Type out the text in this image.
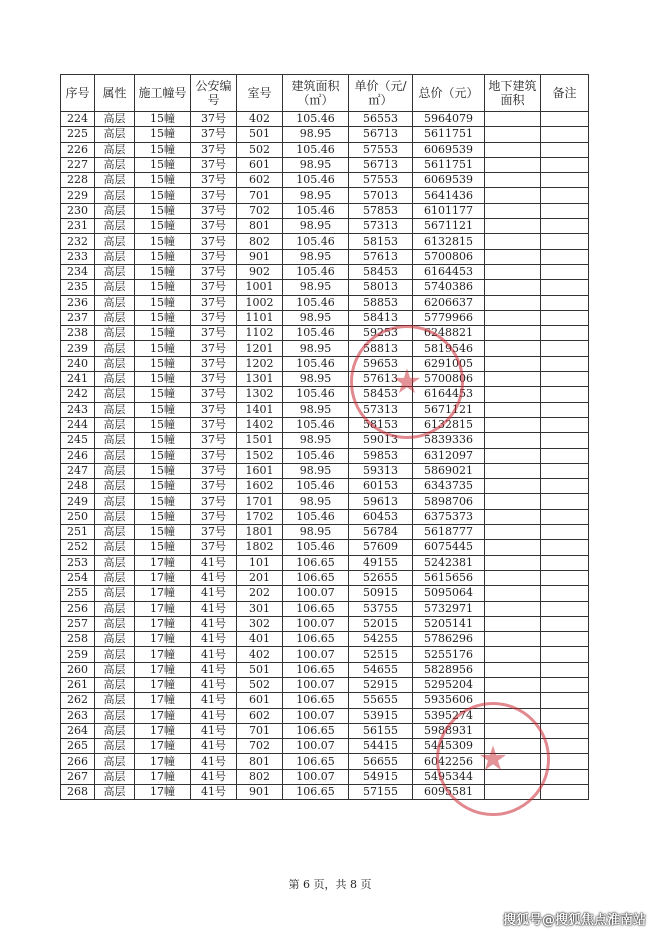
序号	属性	施工幢号	公安编号	室号	建筑面积（㎡）	单价（元/㎡）	总价（元）	地下建筑面积	备注
224	高层	15幢	37号	402	105.46	56553	5964079		
225	高层	15幢	37号	501	98.95	56713	5611751		
226	高层	15幢	37号	502	105.46	57553	6069539		
227	高层	15幢	37号	601	98.95	56713	5611751		
228	高层	15幢	37号	602	105.46	57553	6069539		
229	高层	15幢	37号	701	98.95	57013	5641436		
230	高层	15幢	37号	702	105.46	57853	6101177		
231	高层	15幢	37号	801	98.95	57313	5671121		
232	高层	15幢	37号	802	105.46	58153	6132815		
233	高层	15幢	37号	901	98.95	57613	5700806		
234	高层	15幢	37号	902	105.46	58453	6164453		
235	高层	15幢	37号	1001	98.95	58013	5740386		
236	高层	15幢	37号	1002	105.46	58853	6206637		
237	高层	15幢	37号	1101	98.95	58413	5779966		
238	高层	15幢	37号	1102	105.46	59253	6248821		
239	高层	15幢	37号	1201	98.95	58813	5819546		
240	高层	15幢	37号	1202	105.46	59653	6291005		
241	高层	15幢	37号	1301	98.95	57613	5700806		
242	高层	15幢	37号	1302	105.46	58453	6164453		
243	高层	15幢	37号	1401	98.95	57313	5671121		
244	高层	15幢	37号	1402	105.46	58153	6132815		
245	高层	15幢	37号	1501	98.95	59013	5839336		
246	高层	15幢	37号	1502	105.46	59853	6312097		
247	高层	15幢	37号	1601	98.95	59313	5869021		
248	高层	15幢	37号	1602	105.46	60153	6343735		
249	高层	15幢	37号	1701	98.95	59613	5898706		
250	高层	15幢	37号	1702	105.46	60453	6375373		
251	高层	15幢	37号	1801	98.95	56784	5618777		
252	高层	15幢	37号	1802	105.46	57609	6075445		
253	高层	17幢	41号	101	106.65	49155	5242381		
254	高层	17幢	41号	201	106.65	52655	5615656		
255	高层	17幢	41号	202	100.07	50915	5095064		
256	高层	17幢	41号	301	106.65	53755	5732971		
257	高层	17幢	41号	302	100.07	52015	5205141		
258	高层	17幢	41号	401	106.65	54255	5786296		
259	高层	17幢	41号	402	100.07	52515	5255176		
260	高层	17幢	41号	501	106.65	54655	5828956		
261	高层	17幢	41号	502	100.07	52915	5295204		
262	高层	17幢	41号	601	106.65	55655	5935606		
263	高层	17幢	41号	602	100.07	53915	5395274		
264	高层	17幢	41号	701	106.65	56155	5988931		
265	高层	17幢	41号	702	100.07	54415	5445309		
266	高层	17幢	41号	801	106.65	56655	6042256		
267	高层	17幢	41号	802	100.07	54915	5495344		
268	高层	17幢	41号	901	106.65	57155	6095581		
★
★
第 6 页，共 8 页
搜狐号@搜狐焦点淮南站
